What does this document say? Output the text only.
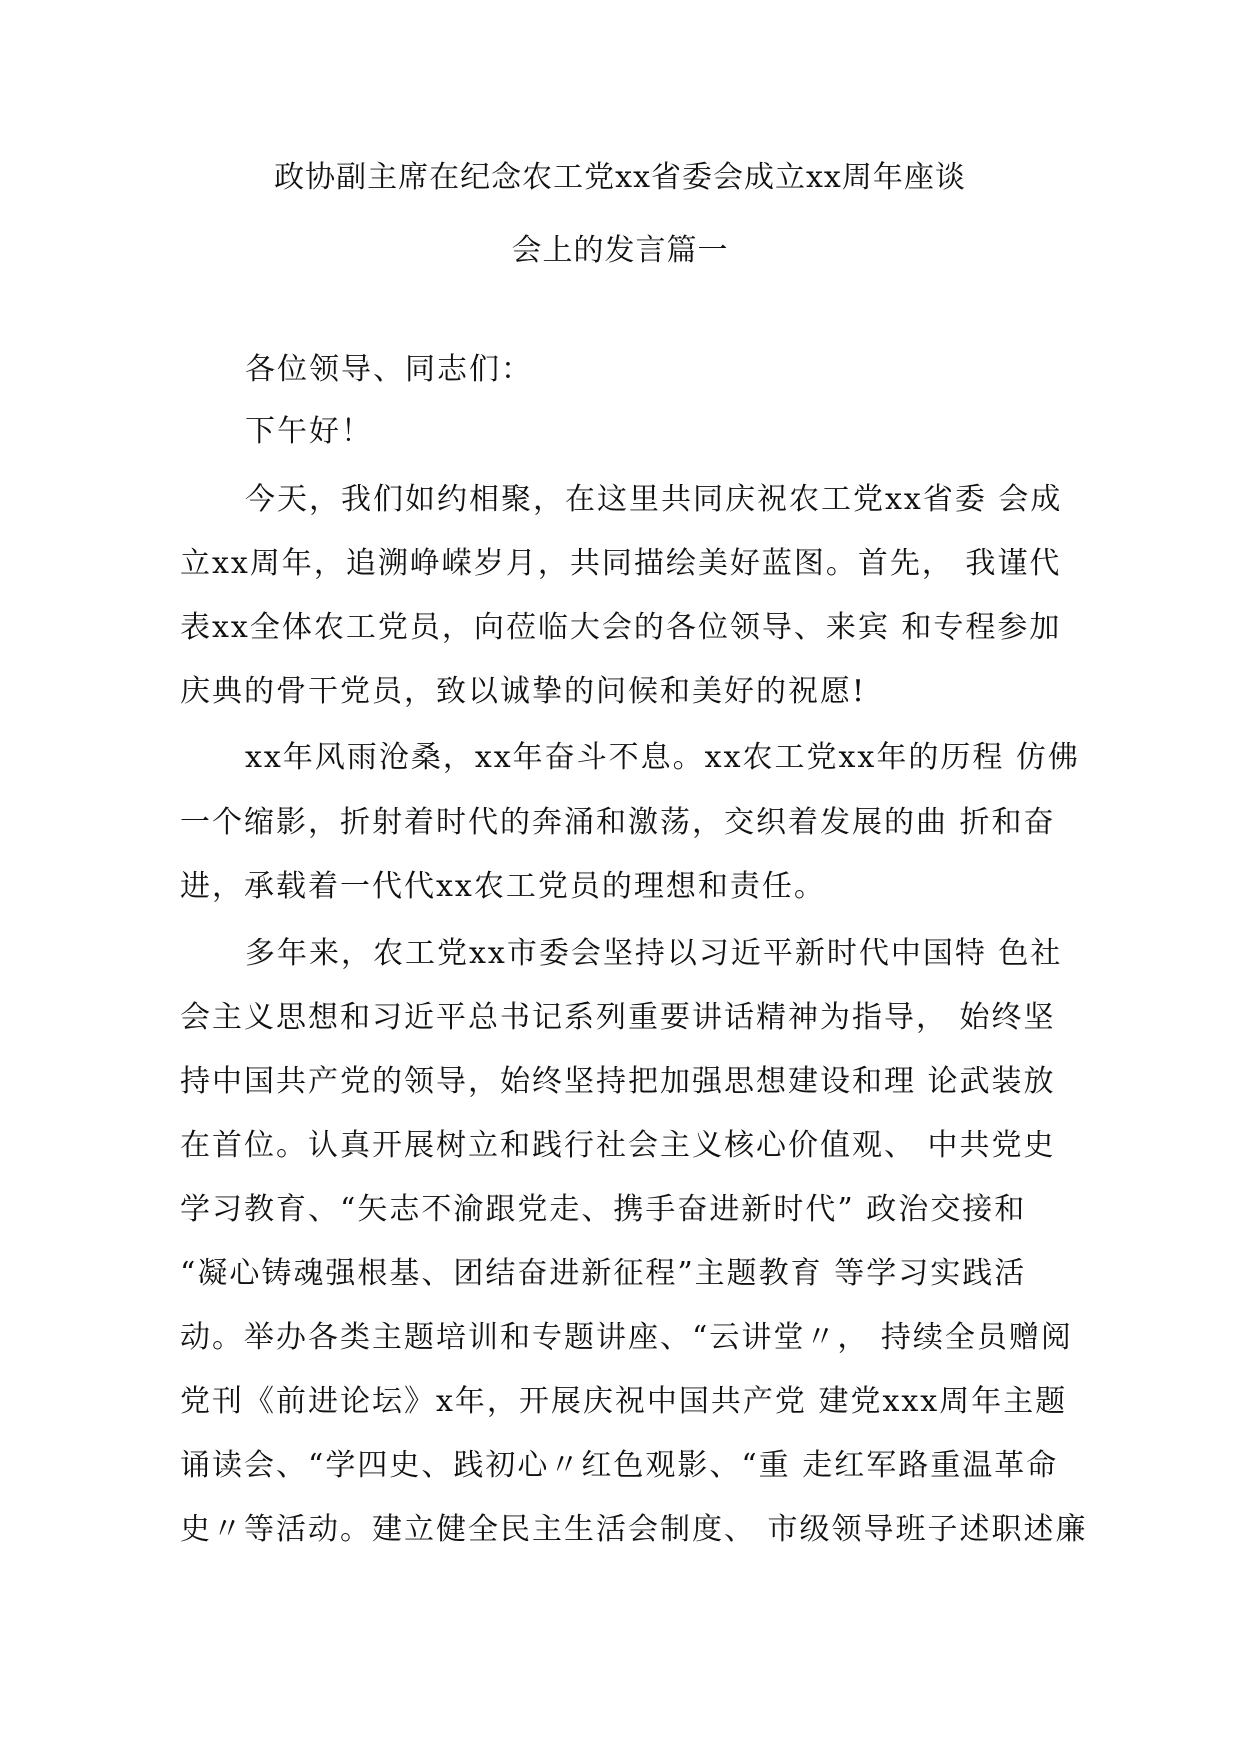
政协副主席在纪念农工党xx省委会成立xx周年座谈
会上的发言篇一
各位领导、同志们：
下午好！
今天，我们如约相聚，在这里共同庆祝农工党xx省委 会成
立xx周年，追溯峥嵘岁月，共同描绘美好蓝图。首先， 我谨代
表xx全体农工党员，向莅临大会的各位领导、来宾 和专程参加
庆典的骨干党员，致以诚挚的问候和美好的祝愿!
xx年风雨沧桑，xx年奋斗不息。xx农工党xx年的历程 仿佛
一个缩影，折射着时代的奔涌和激荡，交织着发展的曲 折和奋
进，承载着一代代xx农工党员的理想和责任。
多年来，农工党xx市委会坚持以习近平新时代中国特 色社
会主义思想和习近平总书记系列重要讲话精神为指导， 始终坚
持中国共产党的领导，始终坚持把加强思想建设和理 论武装放
在首位。认真开展树立和践行社会主义核心价值观、 中共党史
学习教育、“矢志不渝跟党走、携手奋进新时代” 政治交接和
“凝心铸魂强根基、团结奋进新征程”主题教育 等学习实践活
动。举办各类主题培训和专题讲座、“云讲堂〃， 持续全员赠阅
党刊《前进论坛》x年，开展庆祝中国共产党 建党xxx周年主题
诵读会、“学四史、践初心〃红色观影、“重 走红军路重温革命
史〃等活动。建立健全民主生活会制度、 市级领导班子述职述廉
